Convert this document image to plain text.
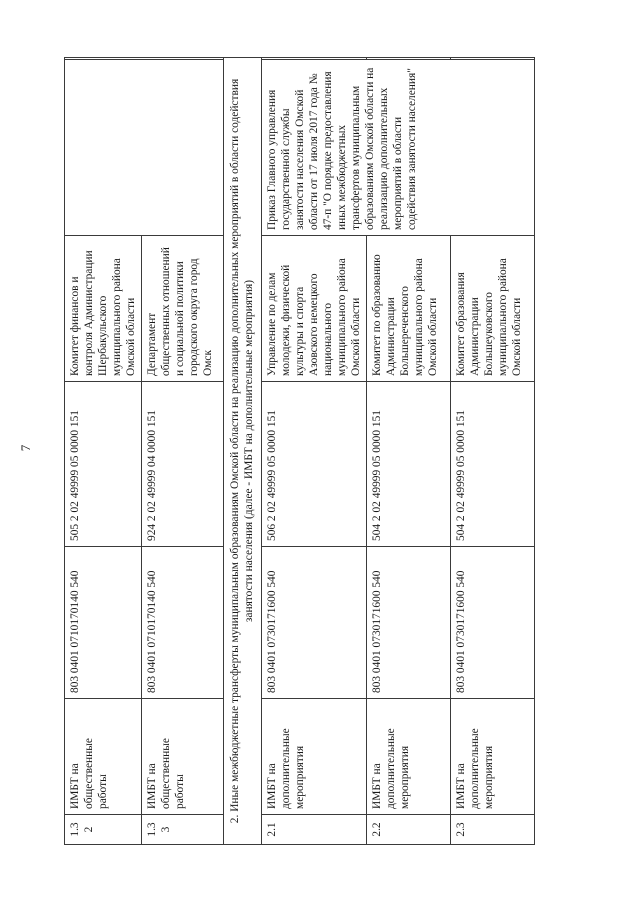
7
1.32	ИМБТ на общественные работы	803 0401 0710170140 540	505 2 02 49999 05 0000 151	Комитет финансов и контроля Администрации Шербакульского муниципального района Омской области		
1.33	ИМБТ на общественные работы	803 0401 0710170140 540	924 2 02 49999 04 0000 151	Департамент общественных отношений и социальной политики городского округа город Омск		
2. Иные межбюджетные трансферты муниципальным образованиям Омской области на реализацию дополнительных мероприятий в области содействия занятости населения (далее - ИМБТ на дополнительные мероприятия)						
2.1	ИМБТ на дополнительные мероприятия	803 0401 0730171600 540	506 2 02 49999 05 0000 151	Управление по делам молодежи, физической культуры и спорта Азовского немецкого национального муниципального района Омской области	Приказ Главного управления государственной службы занятости населения Омской области от 17 июля 2017 года № 47-п "О порядке предоставления иных межбюджетных трансфертов муниципальным образованиям Омской области на реализацию дополнительных мероприятий в области содействия занятости населения"	
2.2	ИМБТ на дополнительные мероприятия	803 0401 0730171600 540	504 2 02 49999 05 0000 151	Комитет по образованию Администрации Большереченского муниципального района Омской области		
2.3	ИМБТ на дополнительные мероприятия	803 0401 0730171600 540	504 2 02 49999 05 0000 151	Комитет образования Администрации Большеуковского муниципального района Омской области		
